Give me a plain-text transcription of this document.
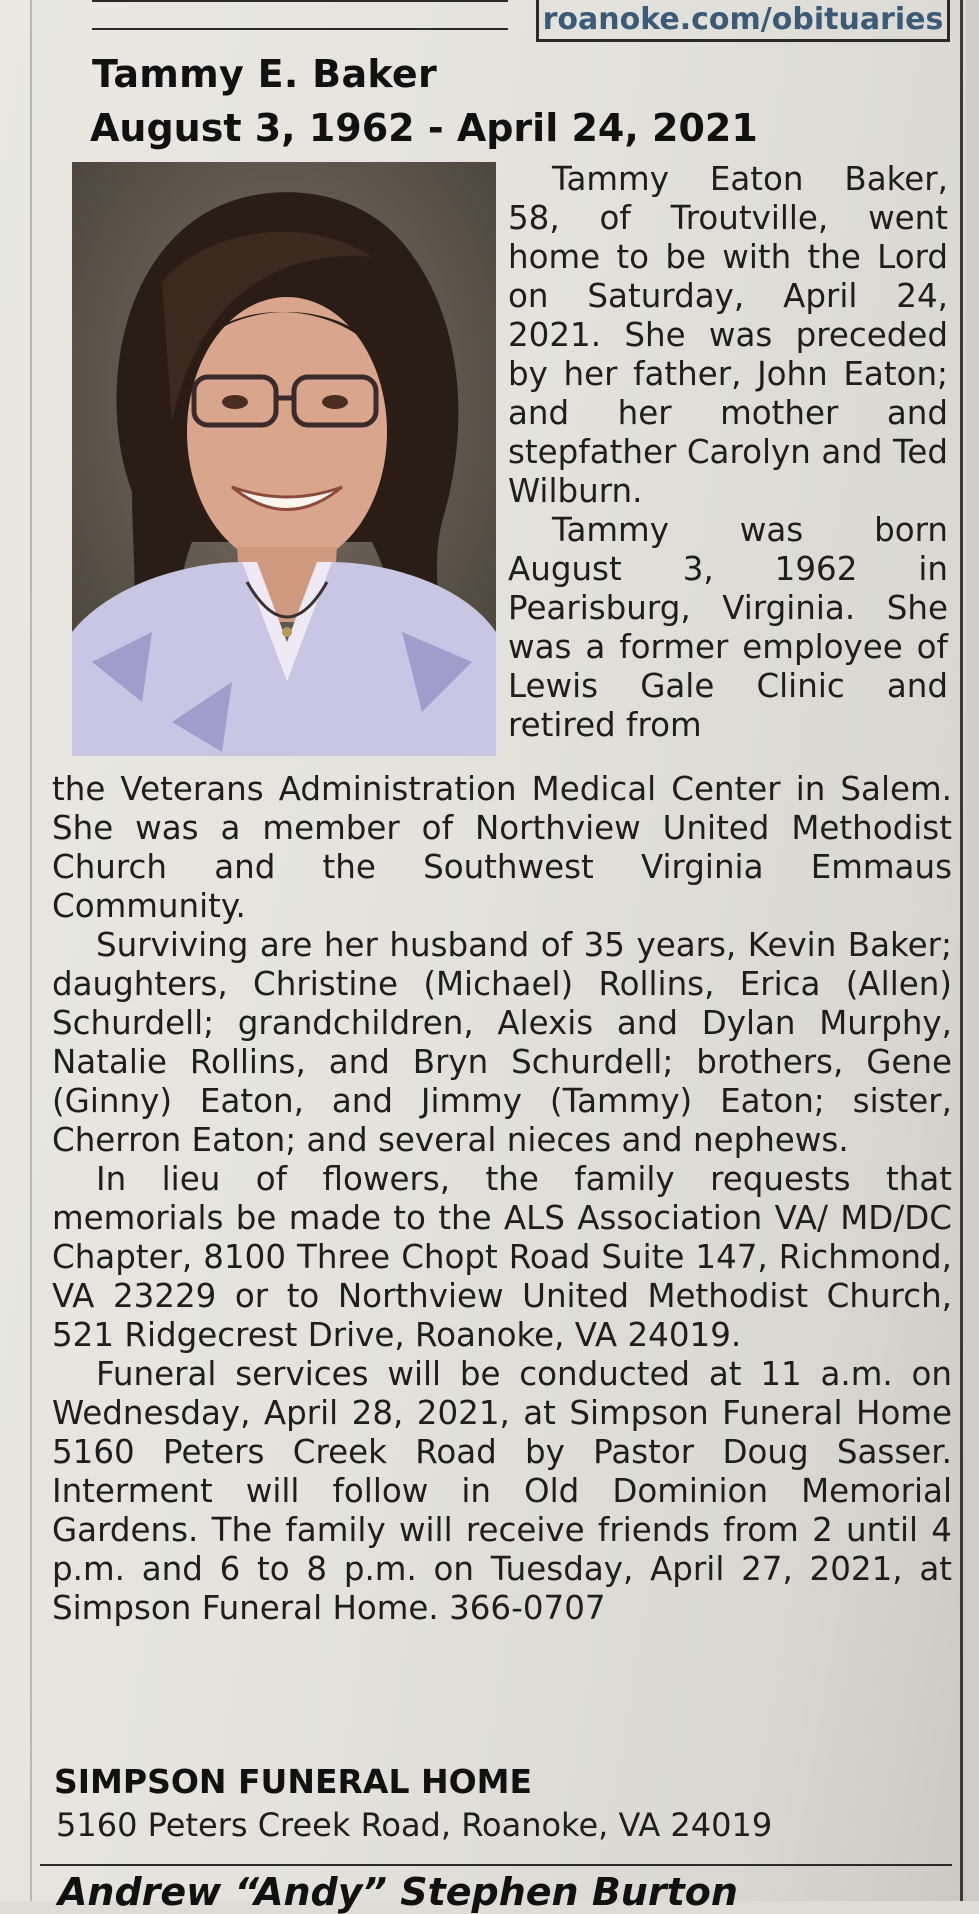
roanoke.com/obituaries
Tammy E. Baker
August 3, 1962 - April 24, 2021

Tammy Eaton Baker, 58, of Troutville, went home to be with the Lord on Saturday, April 24, 2021. She was preceded by her father, John Eaton; and her mother and stepfather Carolyn and Ted Wilburn.

Tammy was born August 3, 1962 in Pearisburg, Virginia. She was a former employee of Lewis Gale Clinic and retired from

the Veterans Administration Medical Center in Salem. She was a member of Northview United Methodist Church and the Southwest Virginia Emmaus Community.

Surviving are her husband of 35 years, Kevin Baker; daughters, Christine (Michael) Rollins, Erica (Allen) Schurdell; grandchildren, Alexis and Dylan Murphy, Natalie Rollins, and Bryn Schurdell; brothers, Gene (Ginny) Eaton, and Jimmy (Tammy) Eaton; sister, Cherron Eaton; and several nieces and nephews.

In lieu of flowers, the family requests that memorials be made to the ALS Association VA/ MD/DC Chapter, 8100 Three Chopt Road Suite 147, Richmond, VA 23229 or to Northview United Methodist Church, 521 Ridgecrest Drive, Roanoke, VA 24019.

Funeral services will be conducted at 11 a.m. on Wednesday, April 28, 2021, at Simpson Funeral Home 5160 Peters Creek Road by Pastor Doug Sasser. Interment will follow in Old Dominion Memorial Gardens. The family will receive friends from 2 until 4 p.m. and 6 to 8 p.m. on Tuesday, April 27, 2021, at Simpson Funeral Home. 366-0707

SIMPSON FUNERAL HOME
5160 Peters Creek Road, Roanoke, VA 24019
Andrew “Andy” Stephen Burton
